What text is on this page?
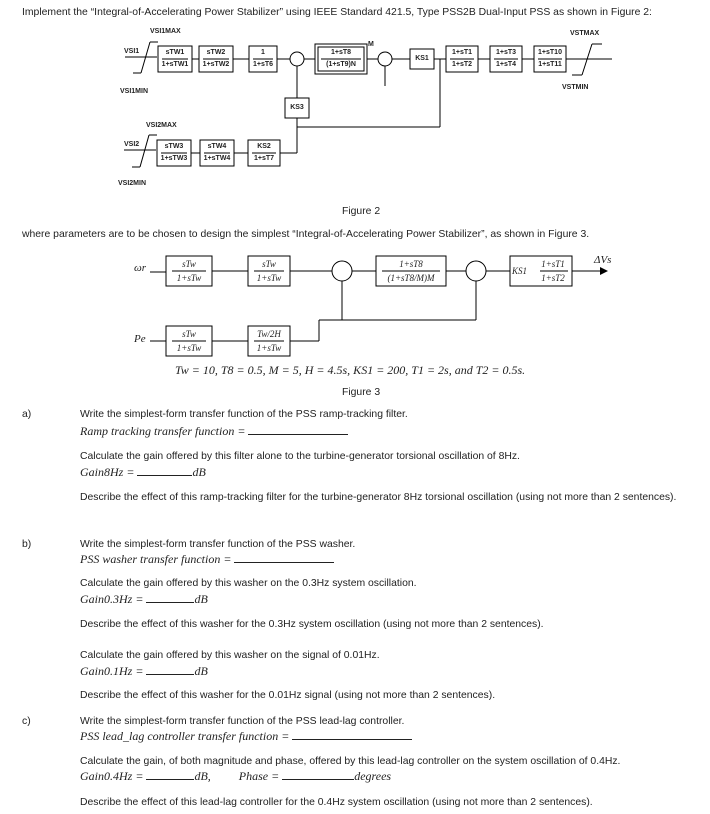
Implement the “Integral-of-Accelerating Power Stabilizer” using IEEE Standard 421.5, Type PSS2B Dual-Input PSS as shown in Figure 2:
VSI1MAX
VSI1
VSI1MIN
VSTMAX
VSTMIN
VSI2MAX
VSI2
VSI2MIN
sTW1
1+sTW1
sTW2
1+sTW2
1
1+sT6
1+sT8
(1+sT9)N
M
KS1
1+sT1
1+sT2
1+sT3
1+sT4
1+sT10
1+sT11
KS3
sTW3
1+sTW3
sTW4
1+sTW4
KS2
1+sT7
Figure 2
where parameters are to be chosen to design the simplest “Integral-of-Accelerating Power Stabilizer”, as shown in Figure 3.
ωr
Pe
ΔVs
sTw
1+sTw
sTw
1+sTw
1+sT8
(1+sT8/M)M
KS1
1+sT1
1+sT2
sTw
1+sTw
Tw/2H
1+sTw
Tw = 10, T8 = 0.5, M = 5, H = 4.5s, KS1 = 200, T1 = 2s, and T2 = 0.5s.
Figure 3
a)	Write the simplest-form transfer function of the PSS ramp-tracking filter.
Ramp tracking transfer function =
Calculate the gain offered by this filter alone to the turbine-generator torsional oscillation of 8Hz.
Gain8Hz =	dB
Describe the effect of this ramp-tracking filter for the turbine-generator 8Hz torsional oscillation (using not more than 2 sentences).
b)	Write the simplest-form transfer function of the PSS washer.
PSS washer transfer function =
Calculate the gain offered by this washer on the 0.3Hz system oscillation.
Gain0.3Hz =	dB
Describe the effect of this washer for the 0.3Hz system oscillation (using not more than 2 sentences).
Calculate the gain offered by this washer on the signal of 0.01Hz.
Gain0.1Hz =	dB
Describe the effect of this washer for the 0.01Hz signal (using not more than 2 sentences).
c)	Write the simplest-form transfer function of the PSS lead-lag controller.
PSS lead_lag controller transfer function =
Calculate the gain, of both magnitude and phase, offered by this lead-lag controller on the system oscillation of 0.4Hz.
Gain0.4Hz =	dB, Phase =	degrees
Describe the effect of this lead-lag controller for the 0.4Hz system oscillation (using not more than 2 sentences).
